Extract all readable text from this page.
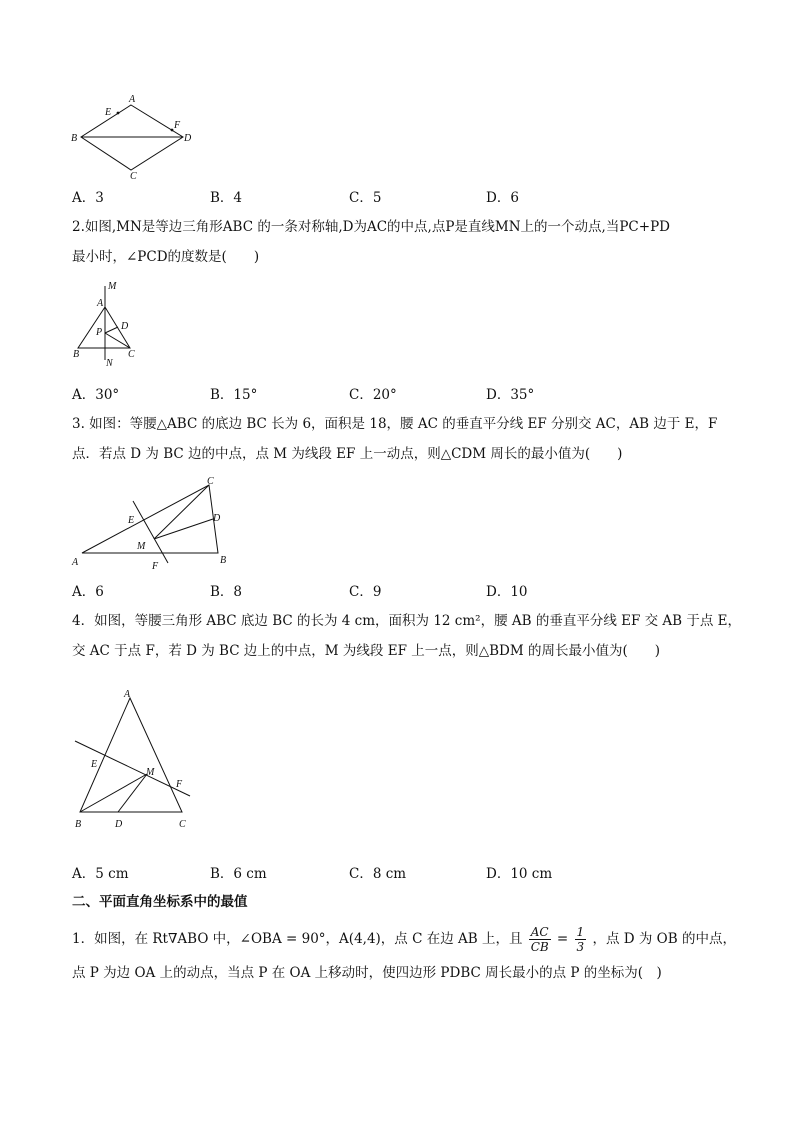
A
B
C
D
E
F
A．3	B．4	C．5	D．6
2.如图,MN是等边三角形ABC 的一条对称轴,D为AC的中点,点P是直线MN上的一个动点,当PC+PD
最小时，∠PCD的度数是(　　)
M
A
P
D
B	C
N
A．30°	B．15°	C．20°	D．35°
3. 如图：等腰△ABC 的底边 BC 长为 6，面积是 18，腰 AC 的垂直平分线 EF 分别交 AC，AB 边于 E，F
点．若点 D 为 BC 边的中点，点 M 为线段 EF 上一动点，则△CDM 周长的最小值为(　　)
C
E	D
M
A	F
B
A．6	B．8	C．9	D．10
4．如图，等腰三角形 ABC 底边 BC 的长为 4 cm，面积为 12 cm²，腰 AB 的垂直平分线 EF 交 AB 于点 E，
交 AC 于点 F，若 D 为 BC 边上的中点，M 为线段 EF 上一点，则△BDM 的周长最小值为(　　)
A
E
M
F
B	D	C
A．5 cm	B．6 cm	C．8 cm	D．10 cm
二、平面直角坐标系中的最值
1．如图，在 Rt∇ABO 中，∠OBA = 90°，A(4,4)，点 C 在边 AB 上，且 $\frac{AC}{CB} = \frac{1}{3}$ ，点 D 为 OB 的中点，
点 P 为边 OA 上的动点，当点 P 在 OA 上移动时，使四边形 PDBC 周长最小的点 P 的坐标为(　)
